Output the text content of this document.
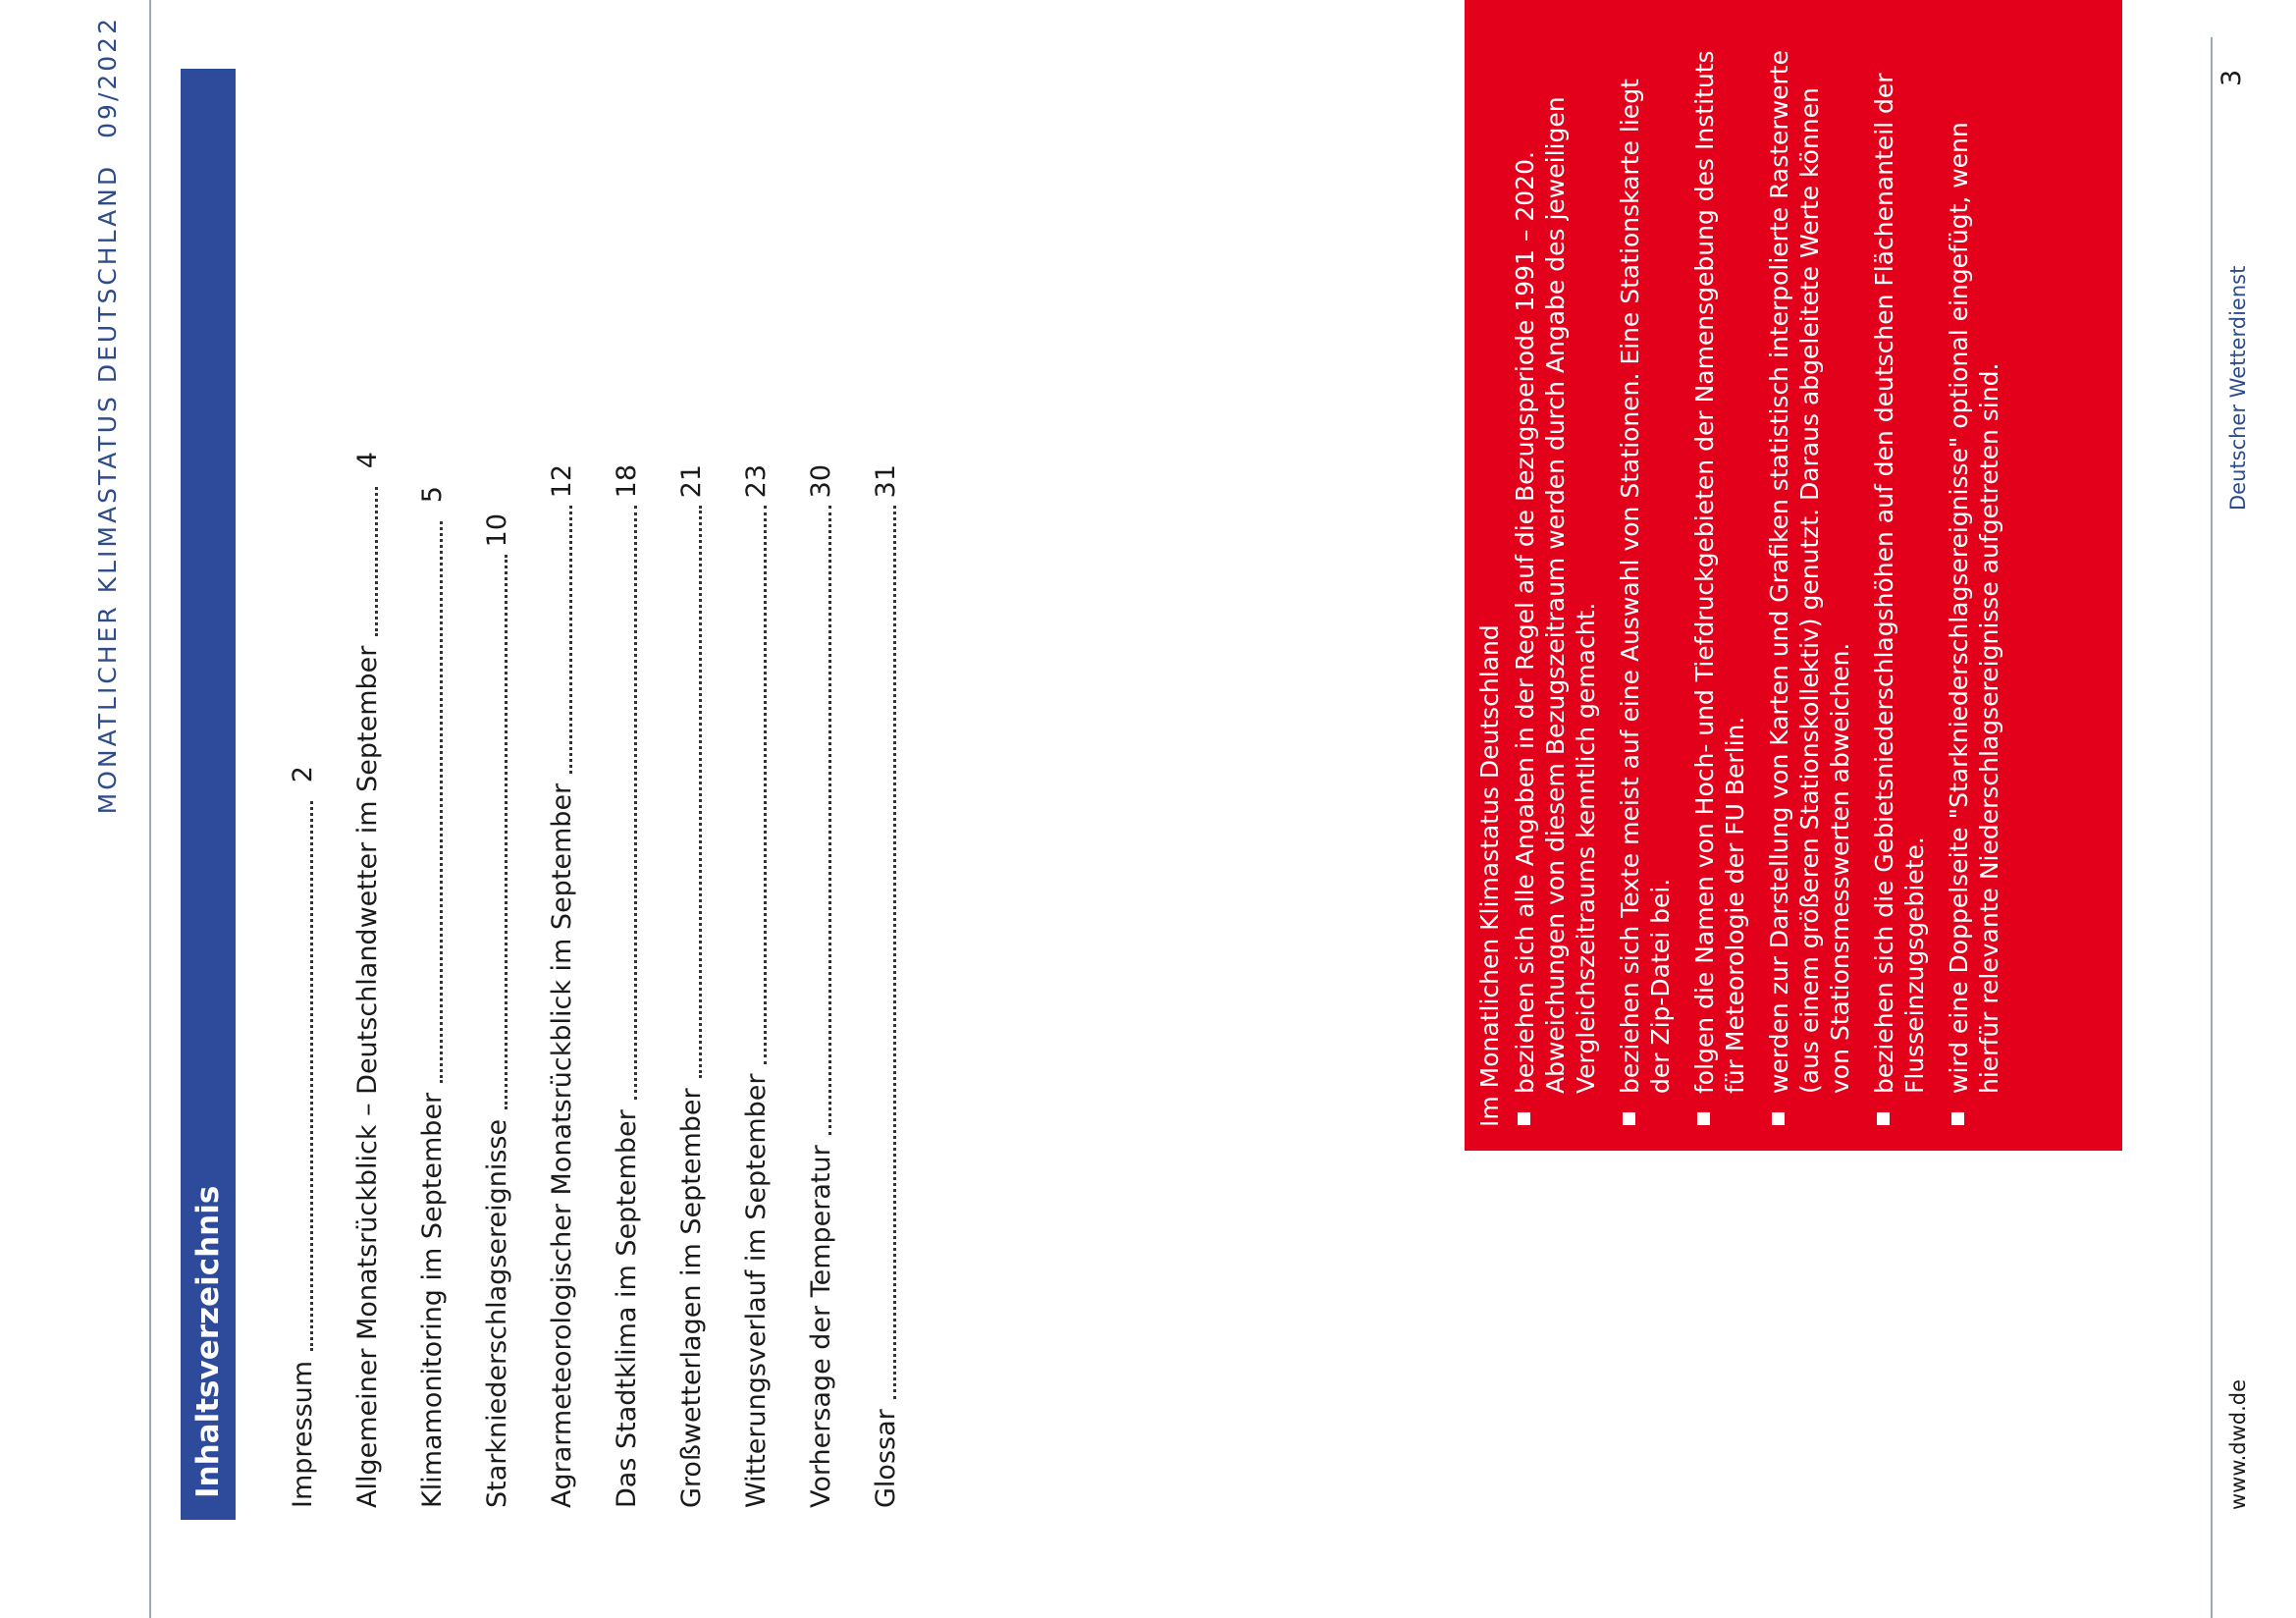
MONATLICHER KLIMASTATUS DEUTSCHLAND09/2022
Inhaltsverzeichnis	Impressum
2 Allgemeiner Monatsrückblick – Deutschlandwetter im September
4
Klimamonitoring im September
5
Starkniederschlagsereignisse
10
Agrarmeteorologischer Monatsrückblick im September
12
Das Stadtklima im September
18
Großwetterlagen im September
21
Witterungsverlauf im September
23
Vorhersage der Temperatur
30
Glossar
31

Im Monatlichen Klimastatus Deutschland beziehen sich alle Angaben in der Regel auf die Bezugsperiode 1991 – 2020. Abweichungen von diesem Bezugszeitraum werden durch Angabe des jeweiligen Vergleichszeitraums kenntlich gemacht. beziehen sich Texte meist auf eine Auswahl von Stationen. Eine Stationskarte liegt der Zip-Datei bei. folgen die Namen von Hoch- und Tiefdruckgebieten der Namensgebung des Instituts für Meteorologie der FU Berlin. werden zur Darstellung von Karten und Grafiken statistisch interpolierte Rasterwerte (aus einem größeren Stationskollektiv) genutzt. Daraus abgeleitete Werte können von Stationsmesswerten abweichen. beziehen sich die Gebietsniederschlagshöhen auf den deutschen Flächenanteil der Flusseinzugsgebiete. wird eine Doppelseite "Starkniederschlagsereignisse" optional eingefügt, wenn hierfür relevante Niederschlagsereignisse aufgetreten sind.
www.dwd.de
Deutscher Wetterdienst
3
